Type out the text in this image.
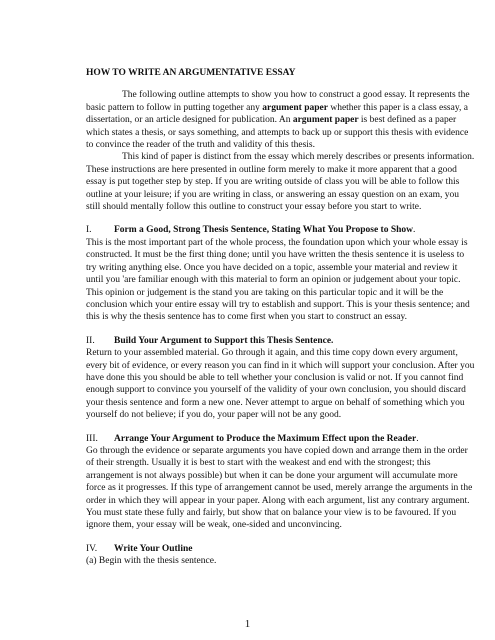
HOW TO WRITE AN ARGUMENTATIVE ESSAY

The following outline attempts to show you how to construct a good essay. It represents the basic pattern to follow in putting together any argument paper whether this paper is a class essay, a dissertation, or an article designed for publication. An argument paper is best defined as a paper which states a thesis, or says something, and attempts to back up or support this thesis with evidence to convince the reader of the truth and validity of this thesis.

This kind of paper is distinct from the essay which merely describes or presents information. These instructions are here presented in outline form merely to make it more apparent that a good essay is put together step by step. If you are writing outside of class you will be able to follow this outline at your leisure; if you are writing in class, or answering an essay question on an exam, you still should mentally follow this outline to construct your essay before you start to write.

I. Form a Good, Strong Thesis Sentence, Stating What You Propose to Show.

This is the most important part of the whole process, the foundation upon which your whole essay is constructed. It must be the first thing done; until you have written the thesis sentence it is useless to try writing anything else. Once you have decided on a topic, assemble your material and review it until you 'are familiar enough with this material to form an opinion or judgement about your topic. This opinion or judgement is the stand you are taking on this particular topic and it will be the conclusion which your entire essay will try to establish and support. This is your thesis sentence; and this is why the thesis sentence has to come first when you start to construct an essay.

II. Build Your Argument to Support this Thesis Sentence.

Return to your assembled material. Go through it again, and this time copy down every argument, every bit of evidence, or every reason you can find in it which will support your conclusion. After you have done this you should be able to tell whether your conclusion is valid or not. If you cannot find enough support to convince you yourself of the validity of your own conclusion, you should discard your thesis sentence and form a new one. Never attempt to argue on behalf of something which you yourself do not believe; if you do, your paper will not be any good.

III. Arrange Your Argument to Produce the Maximum Effect upon the Reader.

Go through the evidence or separate arguments you have copied down and arrange them in the order of their strength. Usually it is best to start with the weakest and end with the strongest; this arrangement is not always possible) but when it can be done your argument will accumulate more force as it progresses. If this type of arrangement cannot be used, merely arrange the arguments in the order in which they will appear in your paper. Along with each argument, list any contrary argument. You must state these fully and fairly, but show that on balance your view is to be favoured. If you ignore them, your essay will be weak, one-sided and unconvincing.

IV. Write Your Outline

(a) Begin with the thesis sentence.

1
